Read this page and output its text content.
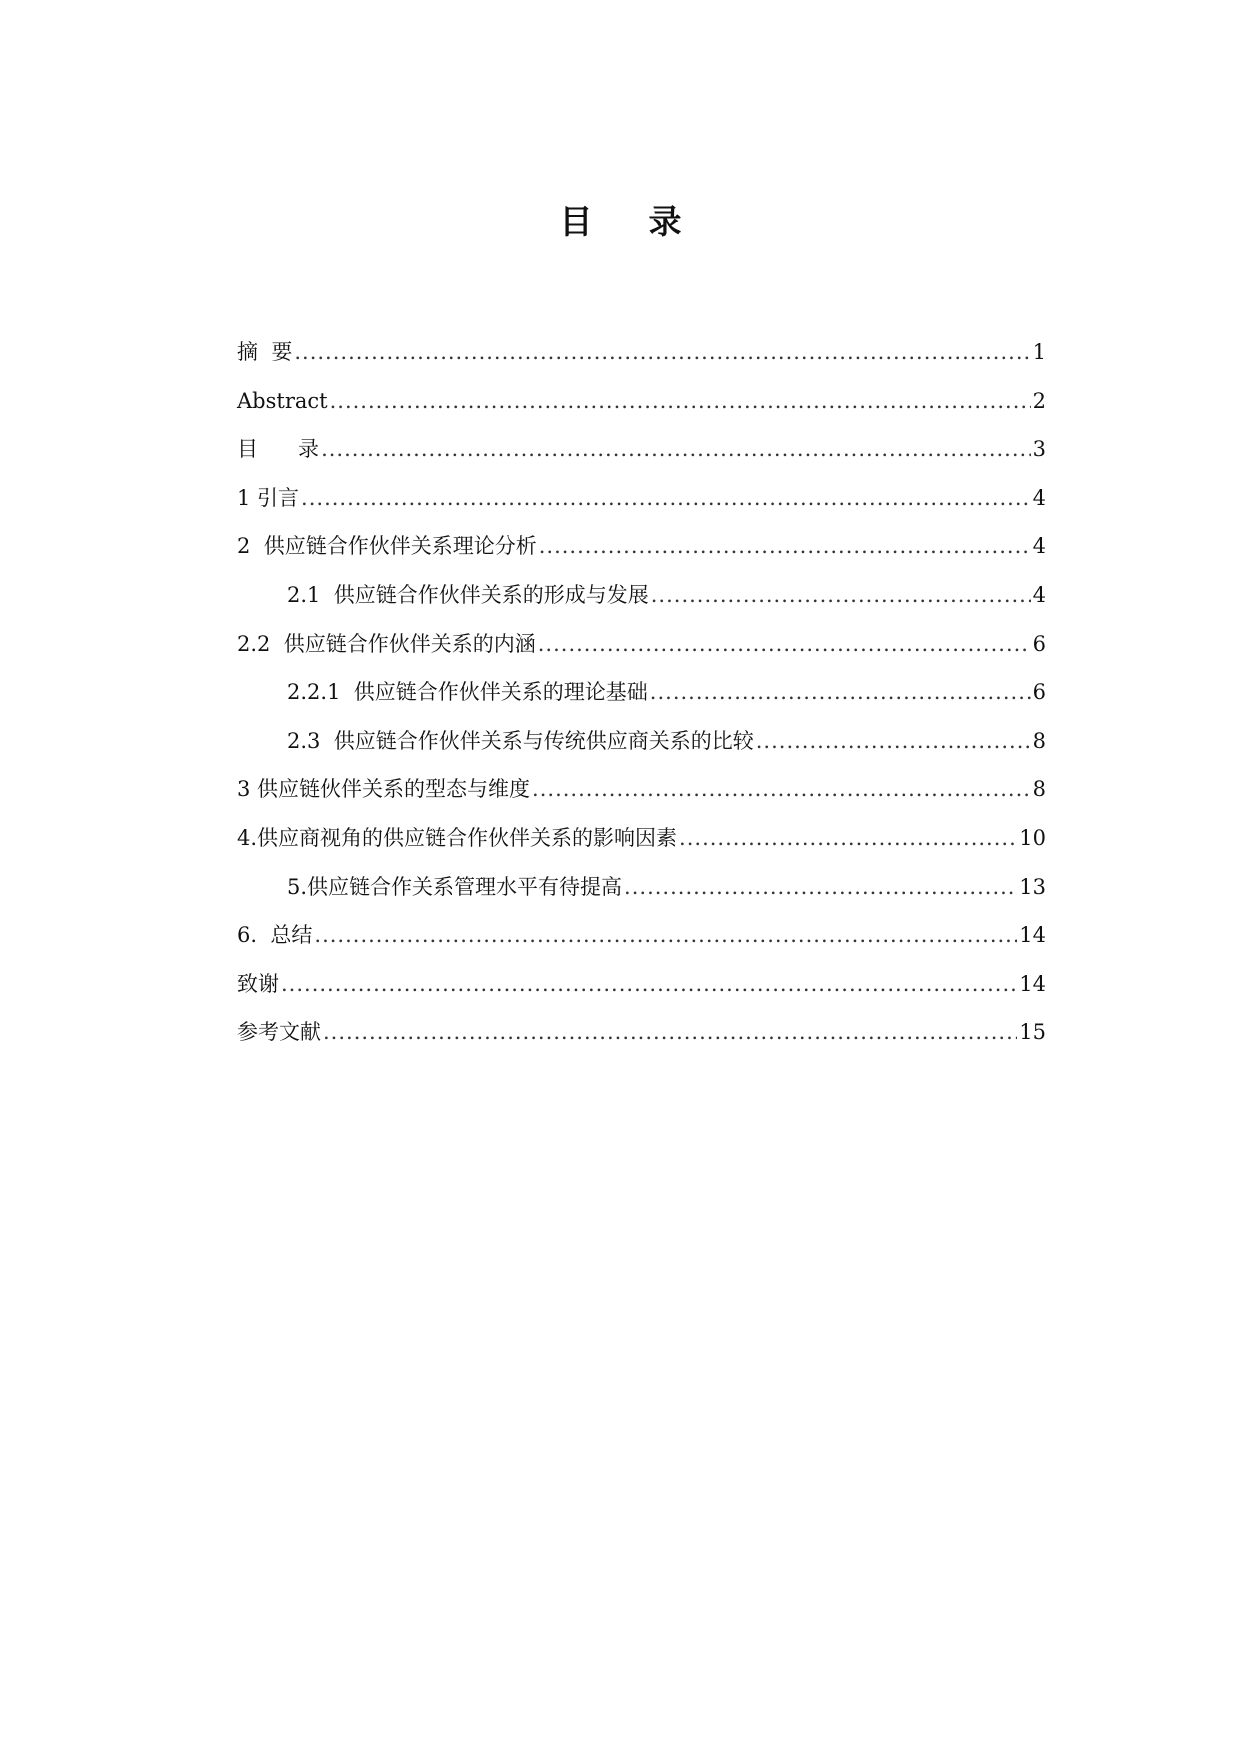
目 录
摘  要 .....	1
Abstract .....	2
目      录 .....	3
1 引言 .....	4
2  供应链合作伙伴关系理论分析 .....	4
2.1  供应链合作伙伴关系的形成与发展 .....	4
2.2  供应链合作伙伴关系的内涵 .....	6
2.2.1  供应链合作伙伴关系的理论基础 .....	6
2.3  供应链合作伙伴关系与传统供应商关系的比较 .....	8
3 供应链伙伴关系的型态与维度 .....	8
4.供应商视角的供应链合作伙伴关系的影响因素 .....	10
5.供应链合作关系管理水平有待提高 .....	13
6.  总结 .....	14
致谢 .....	14
参考文献 .....	15
